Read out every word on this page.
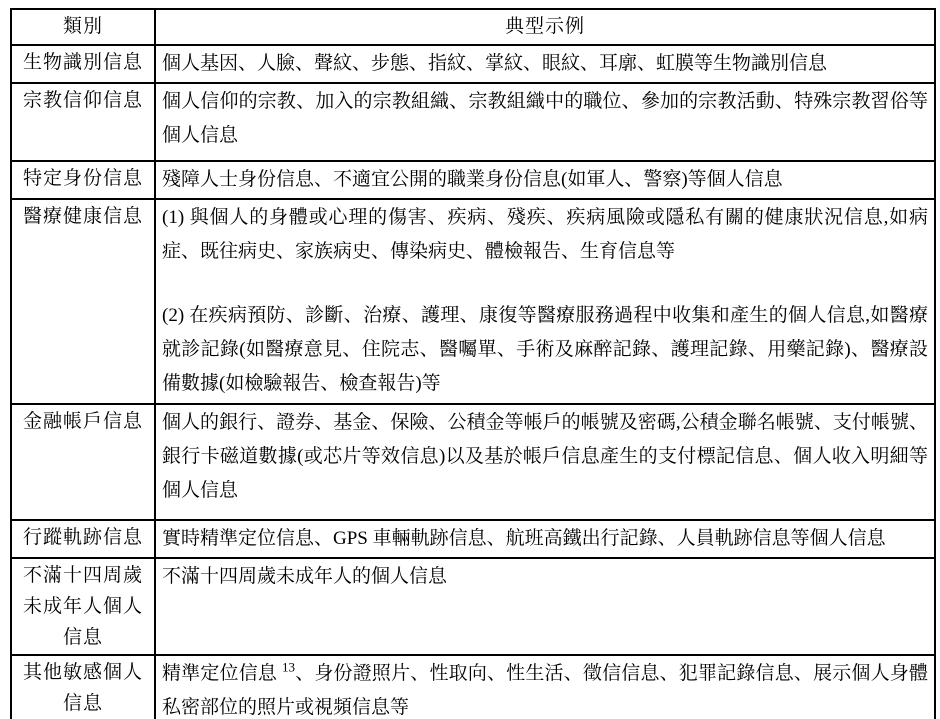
類別	典型示例
生物識別信息	個人基因、人臉、聲紋、步態、指紋、掌紋、眼紋、耳廓、虹膜等生物識別信息

宗教信仰信息	個人信仰的宗教、加入的宗教組織、宗教組織中的職位、參加的宗教活動、特殊宗教習俗等個人信息

特定身份信息	殘障人士身份信息、不適宜公開的職業身份信息(如軍人、警察)等個人信息

醫療健康信息	(1) 與個人的身體或心理的傷害、疾病、殘疾、疾病風險或隱私有關的健康狀況信息,如病症、既往病史、家族病史、傳染病史、體檢報告、生育信息等

(2) 在疾病預防、診斷、治療、護理、康復等醫療服務過程中收集和產生的個人信息,如醫療就診記錄(如醫療意見、住院志、醫囑單、手術及麻醉記錄、護理記錄、用藥記錄)、醫療設備數據(如檢驗報告、檢查報告)等

金融帳戶信息	個人的銀行、證券、基金、保險、公積金等帳戶的帳號及密碼,公積金聯名帳號、支付帳號、銀行卡磁道數據(或芯片等效信息)以及基於帳戶信息產生的支付標記信息、個人收入明細等個人信息

行蹤軌跡信息	實時精準定位信息、GPS 車輛軌跡信息、航班高鐵出行記錄、人員軌跡信息等個人信息

不滿十四周歲未成年人個人信息	不滿十四周歲未成年人的個人信息

其他敏感個人信息	精準定位信息 $^{13}$、身份證照片、性取向、性生活、徵信信息、犯罪記錄信息、展示個人身體私密部位的照片或視頻信息等
